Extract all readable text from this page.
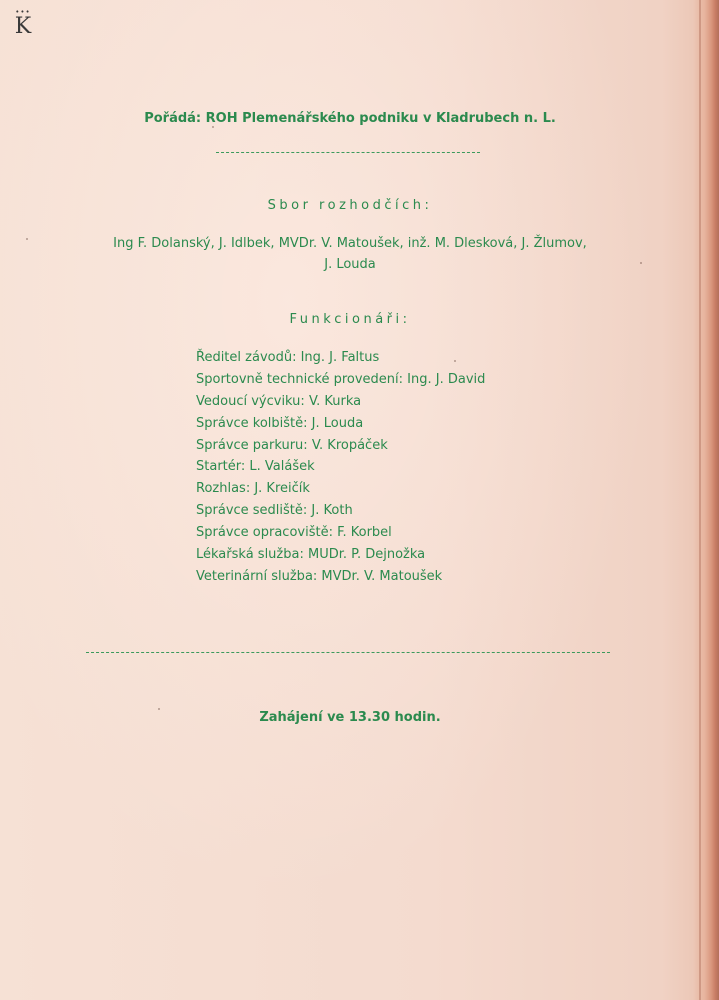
•••
K
Pořádá: ROH Plemenářského podniku v Kladrubech n. L.
Sbor rozhodčích:
Ing F. Dolanský, J. Idlbek, MVDr. V. Matoušek, inž. M. Dlesková, J. Žlumov,
J. Louda
Funkcionáři:
Ředitel závodů: Ing. J. Faltus
Sportovně technické provedení: Ing. J. David
Vedoucí výcviku: V. Kurka
Správce kolbiště: J. Louda
Správce parkuru: V. Kropáček
Startér: L. Valášek
Rozhlas: J. Kreičík
Správce sedliště: J. Koth
Správce opracoviště: F. Korbel
Lékařská služba: MUDr. P. Dejnožka
Veterinární služba: MVDr. V. Matoušek
Zahájení ve 13.30 hodin.
